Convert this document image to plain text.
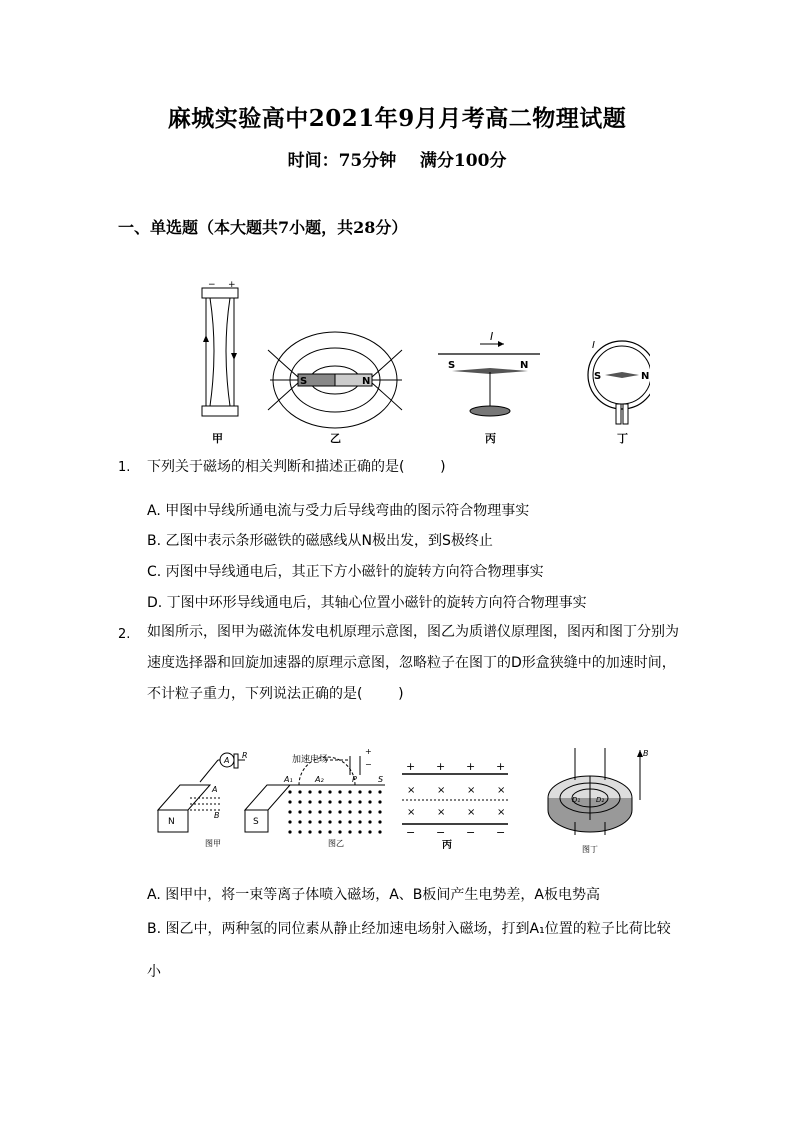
麻城实验高中2021年9月月考高二物理试题
时间：75分钟    满分100分
一、单选题（本大题共7小题，共28分）
− +
甲
S	N
乙
I
S	N
丙
S	N
I
丁
1. 下列关于磁场的相关判断和描述正确的是(        )
A. 甲图中导线所通电流与受力后导线弯曲的图示符合物理事实
B. 乙图中表示条形磁铁的磁感线从N极出发，到S极终止
C. 丙图中导线通电后，其正下方小磁针的旋转方向符合物理事实
D. 丁图中环形导线通电后，其轴心位置小磁针的旋转方向符合物理事实
2. 如图所示，图甲为磁流体发电机原理示意图，图乙为质谱仪原理图，图丙和图丁分别为
速度选择器和回旋加速器的原理示意图，忽略粒子在图丁的D形盒狭缝中的加速时间，
不计粒子重力，下列说法正确的是(        )
N	S
A
R
A
B
图甲
加速电场
+
−
A₁	A₂	P	S
图乙
+ + + +
× × × ×
× × × ×
− − − −
丙
B
D₁ D₂
图丁
A. 图甲中，将一束等离子体喷入磁场，A、B板间产生电势差，A板电势高
B. 图乙中，两种氢的同位素从静止经加速电场射入磁场，打到A₁位置的粒子比荷比较
小
